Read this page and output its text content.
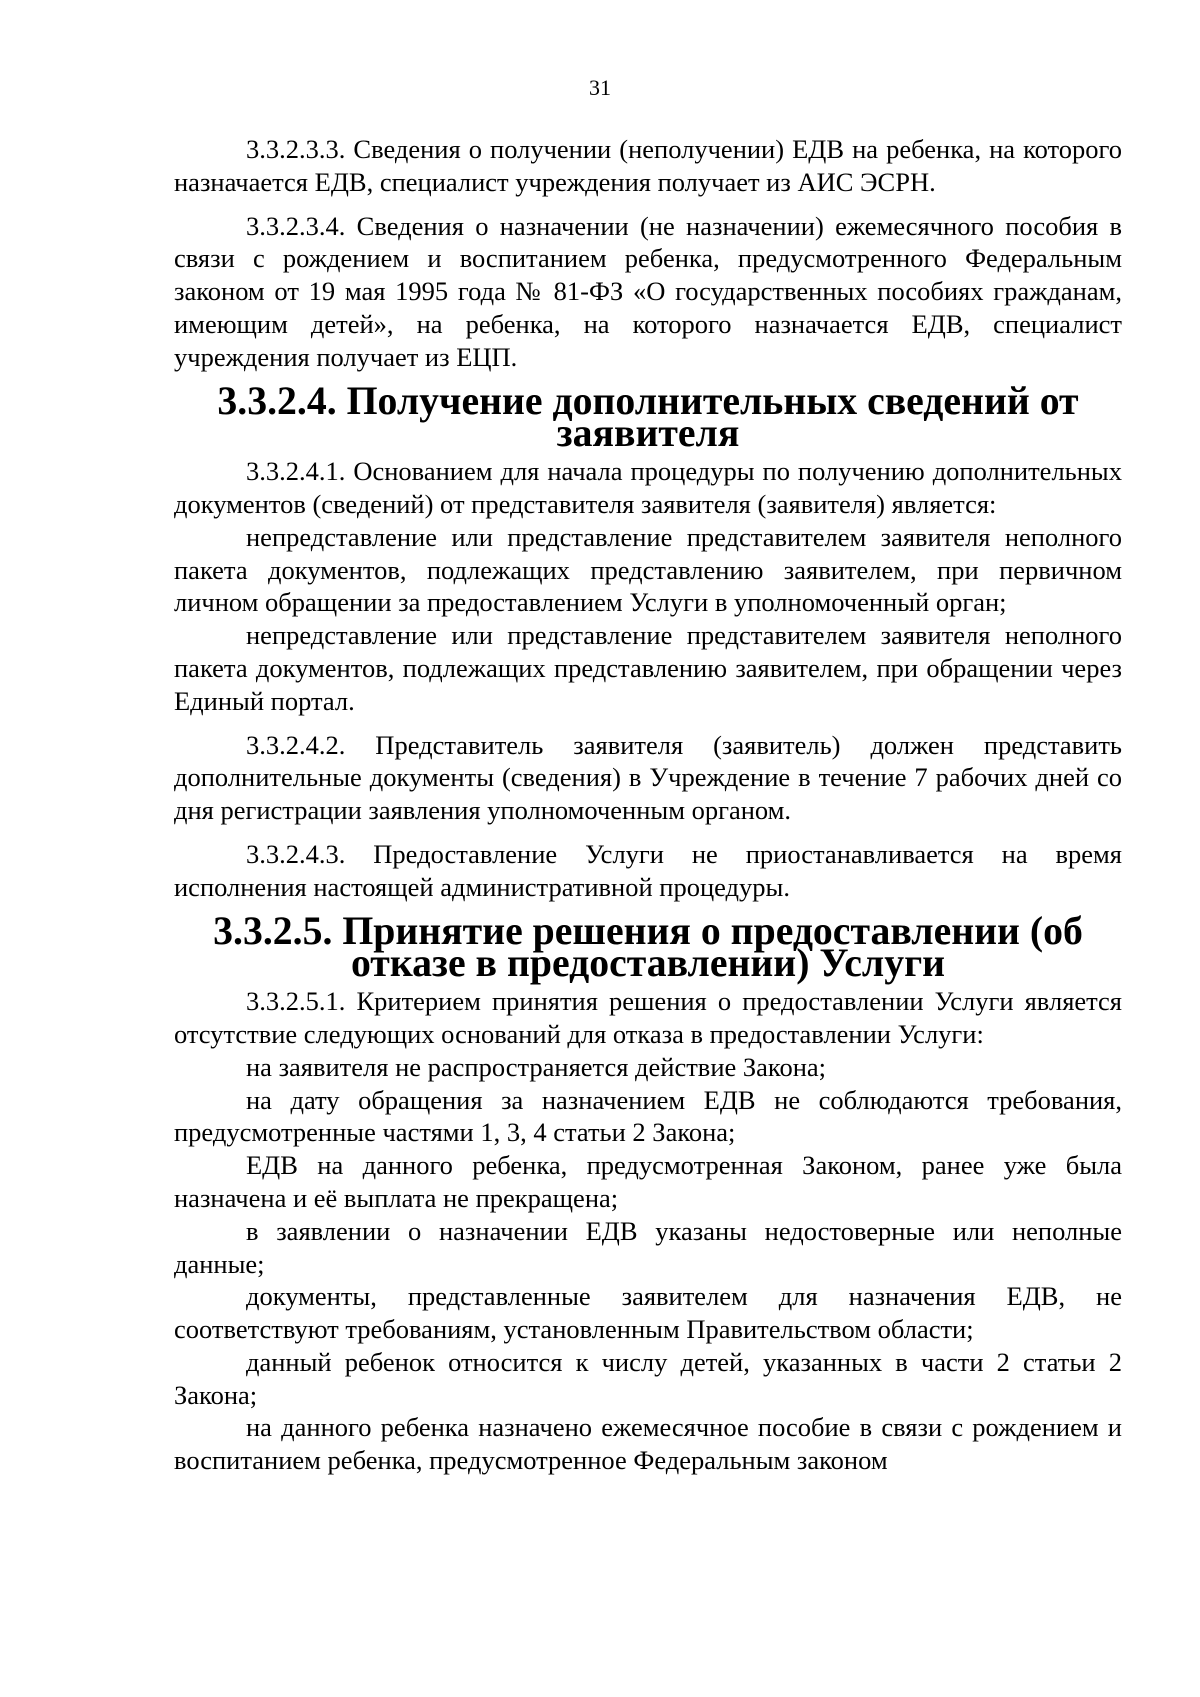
31

3.3.2.3.3. Сведения о получении (неполучении) ЕДВ на ребенка, на которого назначается ЕДВ, специалист учреждения получает из АИС ЭСРН.

3.3.2.3.4. Сведения о назначении (не назначении) ежемесячного пособия в связи с рождением и воспитанием ребенка, предусмотренного Федеральным законом от 19 мая 1995 года № 81-ФЗ «О государственных пособиях гражданам, имеющим детей», на ребенка, на которого назначается ЕДВ, специалист учреждения получает из ЕЦП.

3.3.2.4. Получение дополнительных сведений от заявителя

3.3.2.4.1. Основанием для начала процедуры по получению дополнительных документов (сведений) от представителя заявителя (заявителя) является:

непредставление или представление представителем заявителя неполного пакета документов, подлежащих представлению заявителем, при первичном личном обращении за предоставлением Услуги в уполномоченный орган;

непредставление или представление представителем заявителя неполного пакета документов, подлежащих представлению заявителем, при обращении через Единый портал.

3.3.2.4.2. Представитель заявителя (заявитель) должен представить дополнительные документы (сведения) в Учреждение в течение 7 рабочих дней со дня регистрации заявления уполномоченным органом.

3.3.2.4.3. Предоставление Услуги не приостанавливается на время исполнения настоящей административной процедуры.

3.3.2.5. Принятие решения о предоставлении (об отказе в предоставлении) Услуги

3.3.2.5.1. Критерием принятия решения о предоставлении Услуги является отсутствие следующих оснований для отказа в предоставлении Услуги:

на заявителя не распространяется действие Закона;

на дату обращения за назначением ЕДВ не соблюдаются требования, предусмотренные частями 1, 3, 4 статьи 2 Закона;

ЕДВ на данного ребенка, предусмотренная Законом, ранее уже была назначена и её выплата не прекращена;

в заявлении о назначении ЕДВ указаны недостоверные или неполные данные;

документы, представленные заявителем для назначения ЕДВ, не соответствуют требованиям, установленным Правительством области;

данный ребенок относится к числу детей, указанных в части 2 статьи 2 Закона;

на данного ребенка назначено ежемесячное пособие в связи с рождением и воспитанием ребенка, предусмотренное Федеральным законом
